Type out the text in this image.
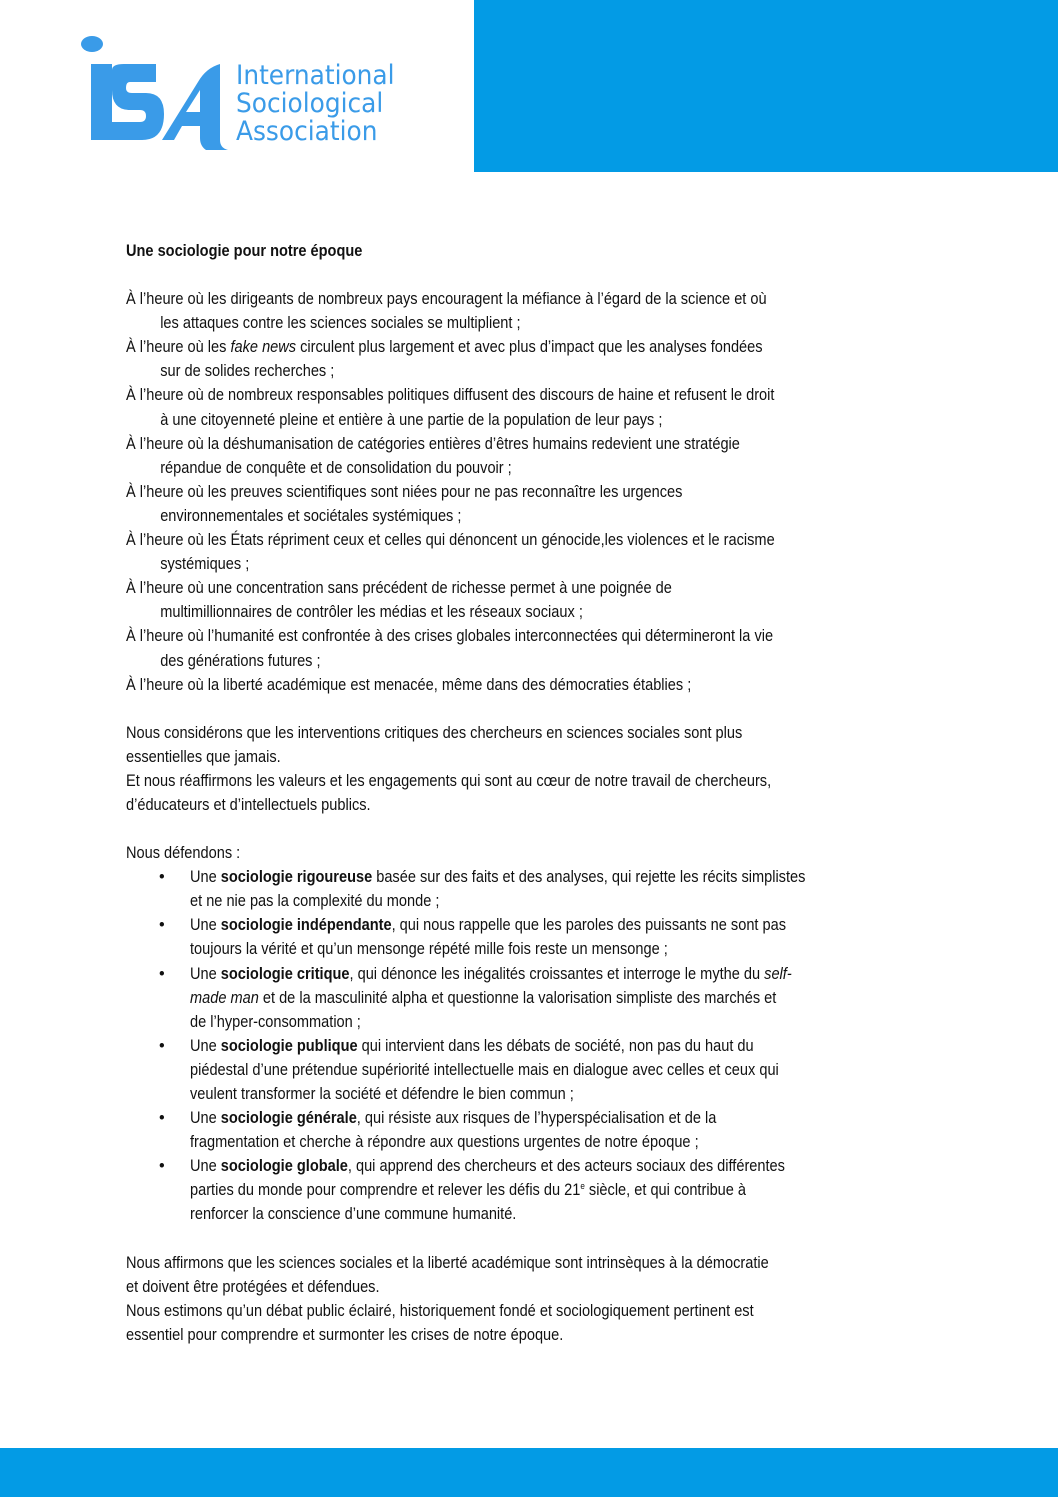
International
Sociological
Association
Une sociologie pour notre époque
À l’heure où les dirigeants de nombreux pays encouragent la méfiance à l’égard de la science et où
les attaques contre les sciences sociales se multiplient ;
À l’heure où les fake news circulent plus largement et avec plus d’impact que les analyses fondées
sur de solides recherches ;
À l’heure où de nombreux responsables politiques diffusent des discours de haine et refusent le droit
à une citoyenneté pleine et entière à une partie de la population de leur pays ;
À l’heure où la déshumanisation de catégories entières d’êtres humains redevient une stratégie
répandue de conquête et de consolidation du pouvoir ;
À l’heure où les preuves scientifiques sont niées pour ne pas reconnaître les urgences
environnementales et sociétales systémiques ;
À l’heure où les États répriment ceux et celles qui dénoncent un génocide,les violences et le racisme
systémiques ;
À l’heure où une concentration sans précédent de richesse permet à une poignée de
multimillionnaires de contrôler les médias et les réseaux sociaux ;
À l’heure où l’humanité est confrontée à des crises globales interconnectées qui détermineront la vie
des générations futures ;
À l’heure où la liberté académique est menacée, même dans des démocraties établies ;
Nous considérons que les interventions critiques des chercheurs en sciences sociales sont plus
essentielles que jamais.
Et nous réaffirmons les valeurs et les engagements qui sont au cœur de notre travail de chercheurs,
d’éducateurs et d’intellectuels publics.
Nous défendons :
• Une sociologie rigoureuse basée sur des faits et des analyses, qui rejette les récits simplistes
et ne nie pas la complexité du monde ;
• Une sociologie indépendante, qui nous rappelle que les paroles des puissants ne sont pas
toujours la vérité et qu’un mensonge répété mille fois reste un mensonge ;
• Une sociologie critique, qui dénonce les inégalités croissantes et interroge le mythe du self-
made man et de la masculinité alpha et questionne la valorisation simpliste des marchés et
de l’hyper-consommation ;
• Une sociologie publique qui intervient dans les débats de société, non pas du haut du
piédestal d’une prétendue supériorité intellectuelle mais en dialogue avec celles et ceux qui
veulent transformer la société et défendre le bien commun ;
• Une sociologie générale, qui résiste aux risques de l’hyperspécialisation et de la
fragmentation et cherche à répondre aux questions urgentes de notre époque ;
• Une sociologie globale, qui apprend des chercheurs et des acteurs sociaux des différentes
parties du monde pour comprendre et relever les défis du 21e siècle, et qui contribue à
renforcer la conscience d’une commune humanité.
Nous affirmons que les sciences sociales et la liberté académique sont intrinsèques à la démocratie
et doivent être protégées et défendues.
Nous estimons qu’un débat public éclairé, historiquement fondé et sociologiquement pertinent est
essentiel pour comprendre et surmonter les crises de notre époque.
